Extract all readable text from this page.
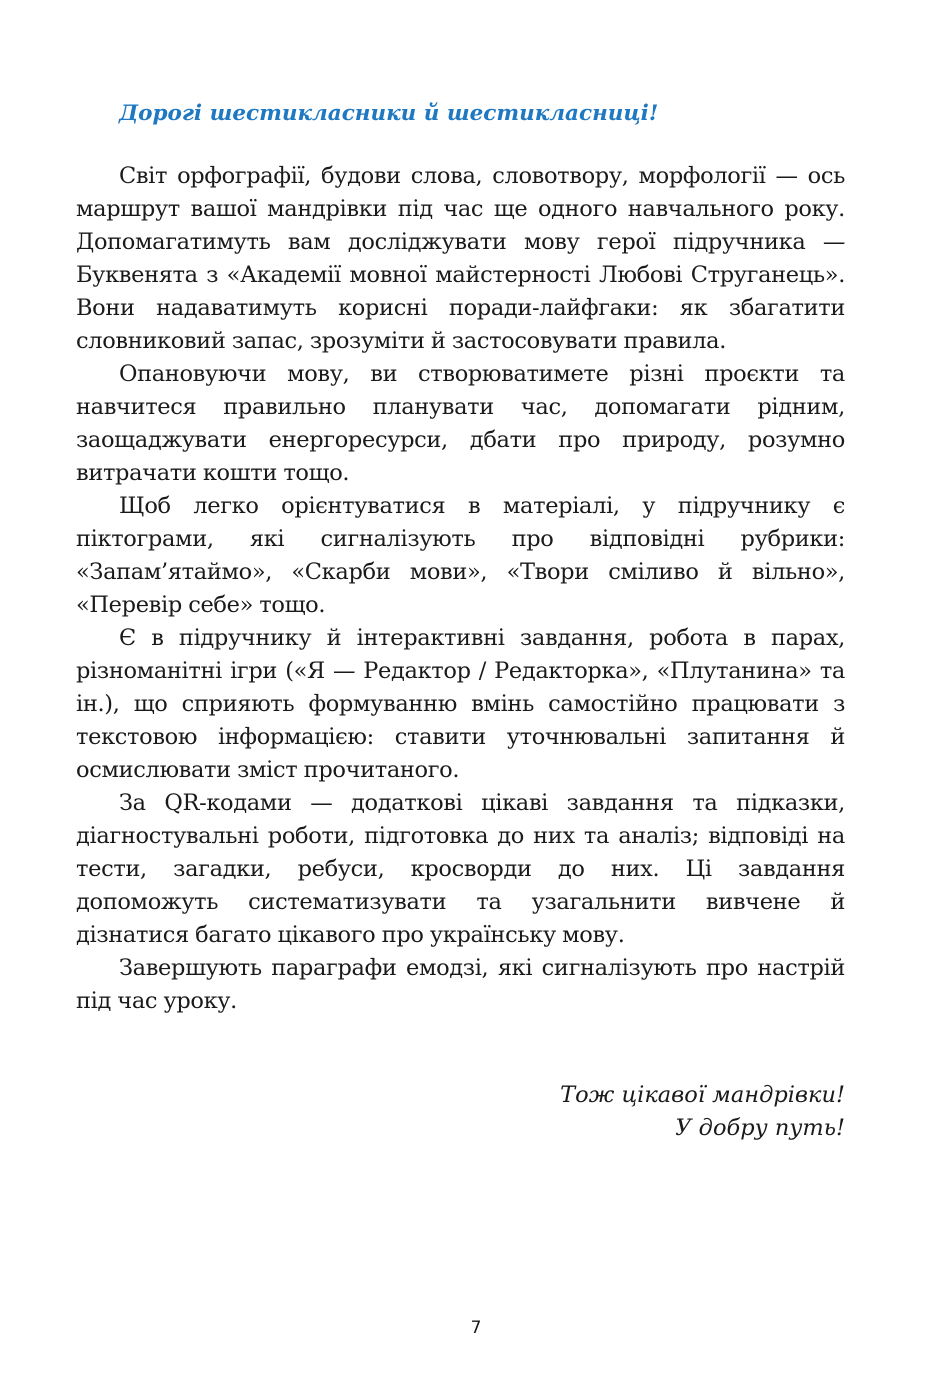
Дорогі шестикласники й шестикласниці!

Світ орфографії, будови слова, словотвору, морфології — ось маршрут вашої мандрівки під час ще одного навчального року. Допомагатимуть вам досліджувати мову герої підручника — Буквенята з «Академії мовної майстерності Любові Струганець». Вони надаватимуть корисні поради-лайфгаки: як збагатити словниковий запас, зрозуміти й застосовувати правила.

Опановуючи мову, ви створюватимете різні проєкти та навчитеся правильно планувати час, допомагати рідним, заощаджувати енергоресурси, дбати про природу, розумно витрачати кошти тощо.

Щоб легко орієнтуватися в матеріалі, у підручнику є піктограми, які сигналізують про відповідні рубрики: «Запам’ятаймо», «Скарби мови», «Твори сміливо й вільно», «Перевір себе» тощо.

Є в підручнику й інтерактивні завдання, робота в парах, різноманітні ігри («Я — Редактор / Редакторка», «Плутанина» та ін.), що сприяють формуванню вмінь самостійно працювати з текстовою інформацією: ставити уточнювальні запитання й осмислювати зміст прочитаного.

За QR-кодами — додаткові цікаві завдання та підказки, діагностувальні роботи, підготовка до них та аналіз; відповіді на тести, загадки, ребуси, кросворди до них. Ці завдання допоможуть систематизувати та узагальнити вивчене й дізнатися багато цікавого про українську мову.

Завершують параграфи емодзі, які сигналізують про настрій під час уроку.

Тож цікавої мандрівки!
У добру путь!

7
